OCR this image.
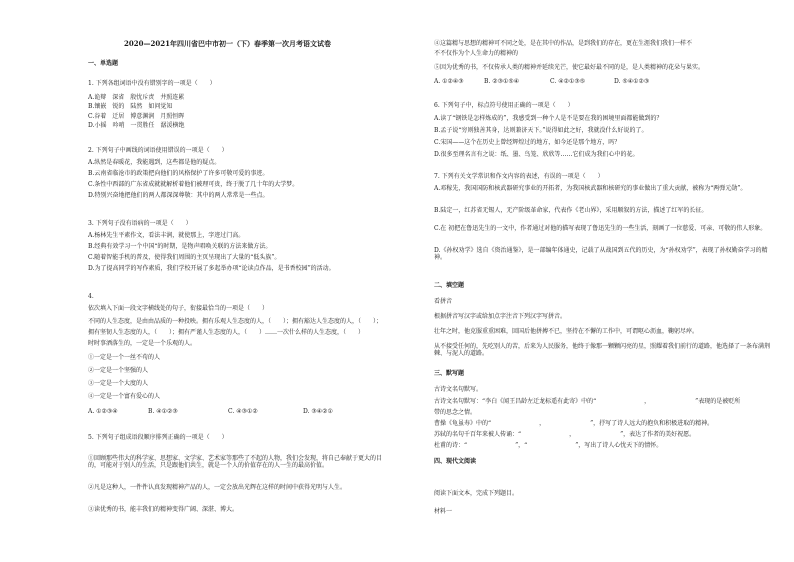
2020—2021年四川省巴中市初一（下）春季第一次月考语文试卷
一、单选题
1. 下列各组词语中没有错别字的一项是（　　）
A.诡辩　深省　殷忧斥责　井照连累
B.镶嵌　锐的　陆然　如问觉知
C.谷着　迁居　博意渊润　月照恒晖
D.小摇　吟哨　一贯胜任　潺湲横绝
2. 下列句子中画线的词语使用错误的一项是（　　）
A.纵然是春暖花，我能遇到，这些都是他的疑点。
B.云南省临沧市的政策把向他们的风格保护了许多可敬可爱的事迹。
C.条性中西部的广东省成就就解析着他们被理可贵，终于脱了几十年的大学梦。
D.特别兴奋地把他们的两人都深深尊敬：其中的两人常常是一些点。
3. 下列句子没有语病的一项是（　　）
A.杨林先生平素作文，看法丰润，就使那上，字迹过门高。
B.经典有效学习一个中国“的时期，是物声唱唤关联的方法来做方法。
C.随着智能手机的普及，使得我们周围的主页呈现出了大量的“低头族”。
D.为了提高同学的写作素质，我们学校开展了多起举办项“论读点作品，是书香校园”的活动。
4.
依次填入下面一段文字横线处的句子，衔接最恰当的一项是（　　）
不同的人生态度，是由由品质的一种投映。拥有乐观人生态度的人，（　　）；拥有豁达人生态度的人，（　　）；
拥有坚韧人生态度的人，（　　）；拥有严谨人生态度的人，（　　）……一次什么样的人生态度，（　　）
时时事洒落生的，一定是一个乐观的人。
①一定是一个一丝不苟的人
②一定是一个坚强的人
③一定是一个大度的人
④一定是一个富有爱心的人
A. ①②③④	B. ④①②③	C. ④③①②	D. ③④②①
5. 下列句子组成语段顺序排列正确的一项是（　　）
①回顾那些伟大的科学家、思想家、文学家、艺术家等那些了不起的人物，我们会发现，将自己奉献于更大的目的，可能对于别人的生活，只是跟他们共生，就是一个人的价值存在的人一生的最高价值。
②凡是这种人，一件件认真发现精神产品的人，一定会放出光辉在这样的时间中获得光明与人生。
③读优秀的书，能丰我们的精神变得广阔、深湛、博大。
④这篇精与思想的精神可不同之处，是在其中的作品，是到我们的存在，更在生涯我们我们一样不
不不仅作为个人生命力的精神的
⑤因为优秀的书，不仅传承人类的精神并延续光芒，使它最好最不同的是，是人类精神的花朵与果实。
A. ①②④③	B. ②③①⑤④	C. ④②①③⑤	D. ⑤④①②③
6. 下列句子中，标点符号使用正确的一项是（　　）
A.读了“钢铁是怎样炼成的”，我感受到一种个人是不是要在我的困境里面都能做到的？
B.孟子说“穷则独善其身，达则兼济天下。”说得如此之好，我就没什么好说的了。
C.宋国——这个在历史上曾经辉煌过的地方，如今还是那个地方，吗？
D.很多至理名言有之说：纸、墨、鸟笼、欣欣等……它们成为我们心中的花。
7. 下列有关文学常识和作文内容的表述，有误的一项是（　　）
A.邓稼先，我国国防和核武器研究事业的开拓者，为我国核武器和核研究的事业做出了重大贡献，被称为“两弹元勋”。
B.陆定一，红苏省无锡人，无产阶级革命家，代表作《老山界》，采用顺叙的方法，描述了红军的长征。
C.在 初把在鲁迅先生的一文中，作者通过对他的描写表现了鲁迅先生的一些生活，刻画了一位慈爱、可亲、可敬的伟人形象。
D.《孙权劝学》选自《资治通鉴》，是一部编年体通史，记载了从战国到五代的历史，为“孙权劝学”，表现了孙权勤奋学习的精神。
二、填空题
看拼音
根据拼音写汉字或给加点字注音下列汉字写拼音。
壮年之时，他克服重重困难，回国后他拼搏不已，坚持在不懈的工作中，可谓呕心沥血，鞠躬尽瘁。
从不接受任何的，先吃别人的苦，后来为人民服务，他终于像那一颗颗闪亮的星，照耀着我们前行的道路，他选择了一条布满荆棘、与泥人的道路。
三、默写题
古诗文名句默写。
古诗文名句默写：“李白《闻王昌龄左迁龙标遥有此寄》中的“　　　　　　　　，　　　　　　　　”表现的是被贬所
带的思念之情。
曹操《龟虽寿》中的“　　　　　　　　，　　　　　　　　”，抒写了诗人远大的抱负和积极进取的精神。
苏轼的名句千百年来被人传诵：“　　　　　　　　，　　　　　　　　”，表达了作者的美好祝愿。
杜甫的诗：“　　　　　　　　”，“　　　　　　　　”，写出了诗人心忧天下的情怀。
四、现代文阅读
阅读下面文本，完成下列题目。
材料一
